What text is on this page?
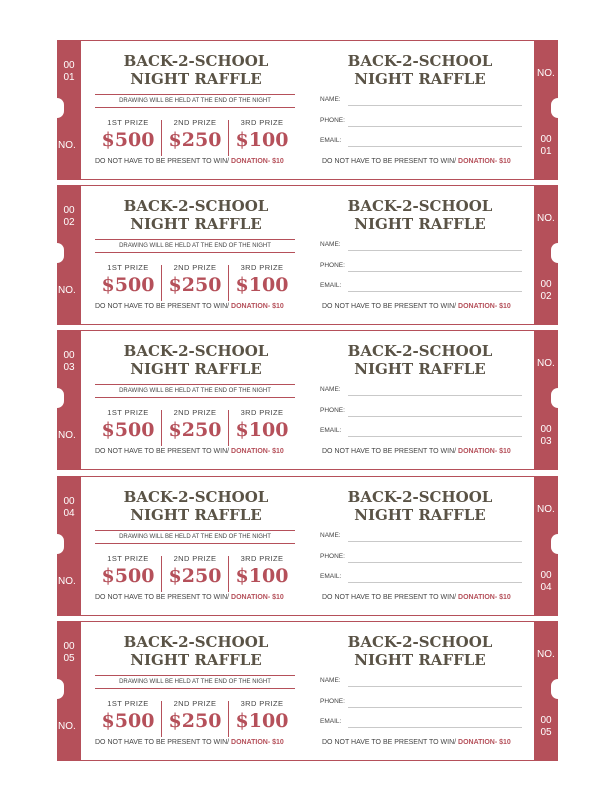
00
01
NO.
BACK-2-SCHOOL
NIGHT RAFFLE
DRAWING WILL BE HELD AT THE END OF THE NIGHT
1ST PRIZE
$500
2ND PRIZE
$250
3RD PRIZE
$100
DO NOT HAVE TO BE PRESENT TO WIN/ DONATION- $10
BACK-2-SCHOOL
NIGHT RAFFLE
NAME:
PHONE:
EMAIL:
DO NOT HAVE TO BE PRESENT TO WIN/ DONATION- $10
NO.
00
01
00
02
NO.
BACK-2-SCHOOL
NIGHT RAFFLE
DRAWING WILL BE HELD AT THE END OF THE NIGHT
1ST PRIZE
$500
2ND PRIZE
$250
3RD PRIZE
$100
DO NOT HAVE TO BE PRESENT TO WIN/ DONATION- $10
BACK-2-SCHOOL
NIGHT RAFFLE
NAME:
PHONE:
EMAIL:
DO NOT HAVE TO BE PRESENT TO WIN/ DONATION- $10
NO.
00
02
00
03
NO.
BACK-2-SCHOOL
NIGHT RAFFLE
DRAWING WILL BE HELD AT THE END OF THE NIGHT
1ST PRIZE
$500
2ND PRIZE
$250
3RD PRIZE
$100
DO NOT HAVE TO BE PRESENT TO WIN/ DONATION- $10
BACK-2-SCHOOL
NIGHT RAFFLE
NAME:
PHONE:
EMAIL:
DO NOT HAVE TO BE PRESENT TO WIN/ DONATION- $10
NO.
00
03
00
04
NO.
BACK-2-SCHOOL
NIGHT RAFFLE
DRAWING WILL BE HELD AT THE END OF THE NIGHT
1ST PRIZE
$500
2ND PRIZE
$250
3RD PRIZE
$100
DO NOT HAVE TO BE PRESENT TO WIN/ DONATION- $10
BACK-2-SCHOOL
NIGHT RAFFLE
NAME:
PHONE:
EMAIL:
DO NOT HAVE TO BE PRESENT TO WIN/ DONATION- $10
NO.
00
04
00
05
NO.
BACK-2-SCHOOL
NIGHT RAFFLE
DRAWING WILL BE HELD AT THE END OF THE NIGHT
1ST PRIZE
$500
2ND PRIZE
$250
3RD PRIZE
$100
DO NOT HAVE TO BE PRESENT TO WIN/ DONATION- $10
BACK-2-SCHOOL
NIGHT RAFFLE
NAME:
PHONE:
EMAIL:
DO NOT HAVE TO BE PRESENT TO WIN/ DONATION- $10
NO.
00
05
